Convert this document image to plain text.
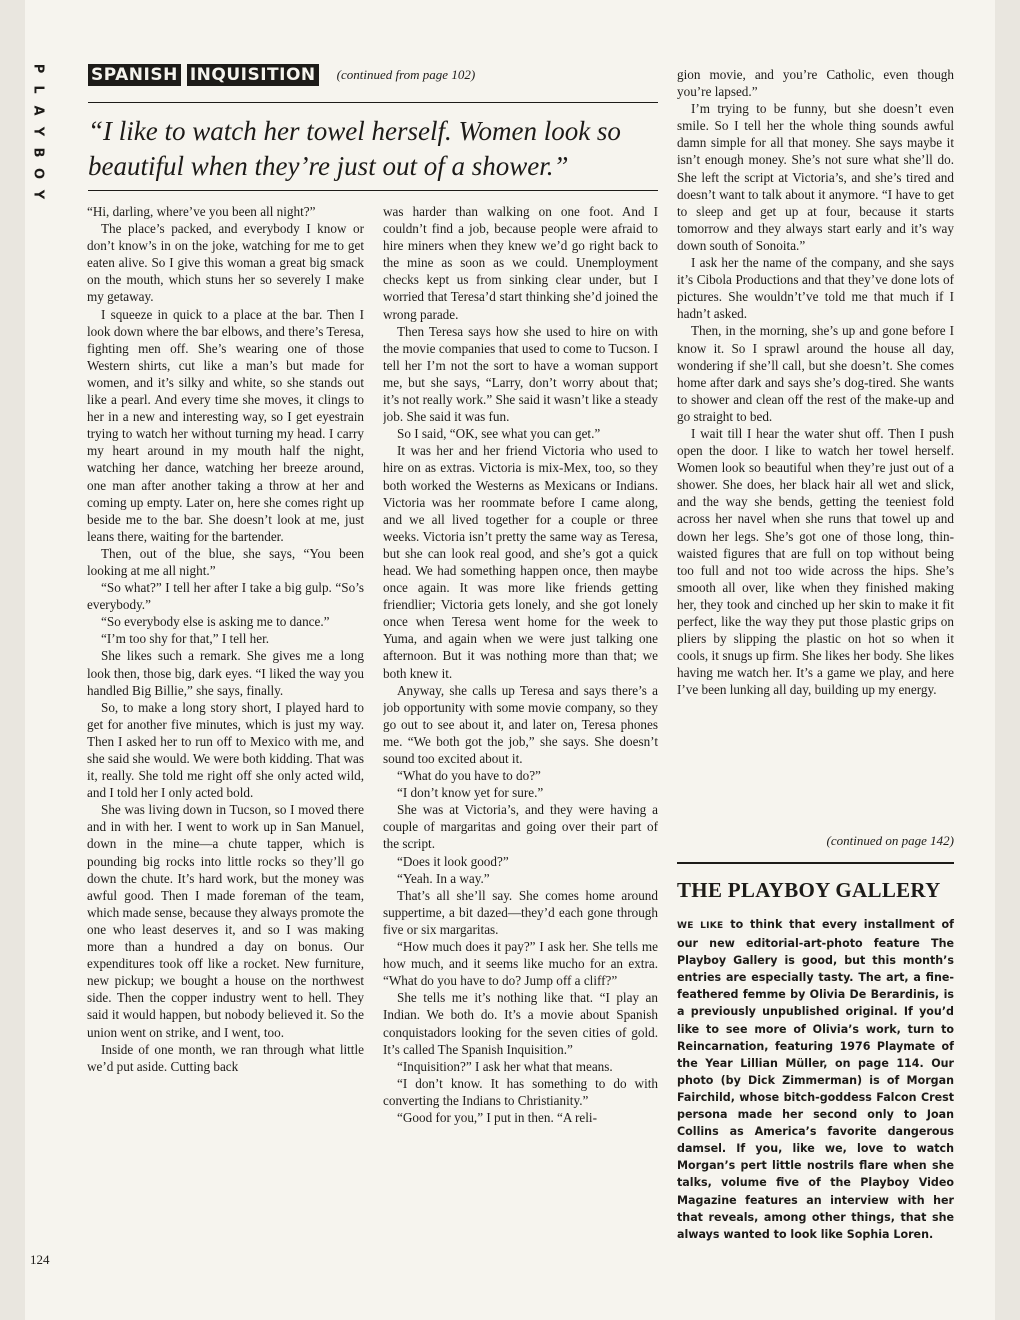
P
L
A
Y
B
O
Y
124
SPANISH INQUISITION (continued from page 102)
“I like to watch her towel herself. Women look so beautiful when they’re just out of a shower.”

“Hi, darling, where’ve you been all night?”

The place’s packed, and everybody I know or don’t know’s in on the joke, watching for me to get eaten alive. So I give this woman a great big smack on the mouth, which stuns her so severely I make my getaway.

I squeeze in quick to a place at the bar. Then I look down where the bar elbows, and there’s Teresa, fighting men off. She’s wearing one of those Western shirts, cut like a man’s but made for women, and it’s silky and white, so she stands out like a pearl. And every time she moves, it clings to her in a new and interesting way, so I get eyestrain trying to watch her without turning my head. I carry my heart around in my mouth half the night, watching her dance, watching her breeze around, one man after another taking a throw at her and coming up empty. Later on, here she comes right up beside me to the bar. She doesn’t look at me, just leans there, waiting for the bartender.

Then, out of the blue, she says, “You been looking at me all night.”

“So what?” I tell her after I take a big gulp. “So’s everybody.”

“So everybody else is asking me to dance.”

“I’m too shy for that,” I tell her.

She likes such a remark. She gives me a long look then, those big, dark eyes. “I liked the way you handled Big Billie,” she says, finally.

So, to make a long story short, I played hard to get for another five minutes, which is just my way. Then I asked her to run off to Mexico with me, and she said she would. We were both kidding. That was it, really. She told me right off she only acted wild, and I told her I only acted bold.

She was living down in Tucson, so I moved there and in with her. I went to work up in San Manuel, down in the mine—a chute tapper, which is pounding big rocks into little rocks so they’ll go down the chute. It’s hard work, but the money was awful good. Then I made foreman of the team, which made sense, because they always promote the one who least deserves it, and so I was making more than a hundred a day on bonus. Our expenditures took off like a rocket. New furniture, new pickup; we bought a house on the northwest side. Then the copper industry went to hell. They said it would happen, but nobody believed it. So the union went on strike, and I went, too.

Inside of one month, we ran through what little we’d put aside. Cutting back

was harder than walking on one foot. And I couldn’t find a job, because people were afraid to hire miners when they knew we’d go right back to the mine as soon as we could. Unemployment checks kept us from sinking clear under, but I worried that Teresa’d start thinking she’d joined the wrong parade.

Then Teresa says how she used to hire on with the movie companies that used to come to Tucson. I tell her I’m not the sort to have a woman support me, but she says, “Larry, don’t worry about that; it’s not really work.” She said it wasn’t like a steady job. She said it was fun.

So I said, “OK, see what you can get.”

It was her and her friend Victoria who used to hire on as extras. Victoria is mix-Mex, too, so they both worked the Westerns as Mexicans or Indians. Victoria was her roommate before I came along, and we all lived together for a couple or three weeks. Victoria isn’t pretty the same way as Teresa, but she can look real good, and she’s got a quick head. We had something happen once, then maybe once again. It was more like friends getting friendlier; Victoria gets lonely, and she got lonely once when Teresa went home for the week to Yuma, and again when we were just talking one afternoon. But it was nothing more than that; we both knew it.

Anyway, she calls up Teresa and says there’s a job opportunity with some movie company, so they go out to see about it, and later on, Teresa phones me. “We both got the job,” she says. She doesn’t sound too excited about it.

“What do you have to do?”

“I don’t know yet for sure.”

She was at Victoria’s, and they were having a couple of margaritas and going over their part of the script.

“Does it look good?”

“Yeah. In a way.”

That’s all she’ll say. She comes home around suppertime, a bit dazed—they’d each gone through five or six margaritas.

“How much does it pay?” I ask her. She tells me how much, and it seems like mucho for an extra. “What do you have to do? Jump off a cliff?”

She tells me it’s nothing like that. “I play an Indian. We both do. It’s a movie about Spanish conquistadors looking for the seven cities of gold. It’s called The Spanish Inquisition.”

“Inquisition?” I ask her what that means.

“I don’t know. It has something to do with converting the Indians to Christianity.”

“Good for you,” I put in then. “A reli-

gion movie, and you’re Catholic, even though you’re lapsed.”

I’m trying to be funny, but she doesn’t even smile. So I tell her the whole thing sounds awful damn simple for all that money. She says maybe it isn’t enough money. She’s not sure what she’ll do. She left the script at Victoria’s, and she’s tired and doesn’t want to talk about it anymore. “I have to get to sleep and get up at four, because it starts tomorrow and they always start early and it’s way down south of Sonoita.”

I ask her the name of the company, and she says it’s Cibola Productions and that they’ve done lots of pictures. She wouldn’t’ve told me that much if I hadn’t asked.

Then, in the morning, she’s up and gone before I know it. So I sprawl around the house all day, wondering if she’ll call, but she doesn’t. She comes home after dark and says she’s dog-tired. She wants to shower and clean off the rest of the make-up and go straight to bed.

I wait till I hear the water shut off. Then I push open the door. I like to watch her towel herself. Women look so beautiful when they’re just out of a shower. She does, her black hair all wet and slick, and the way she bends, getting the teeniest fold across her navel when she runs that towel up and down her legs. She’s got one of those long, thin-waisted figures that are full on top without being too full and not too wide across the hips. She’s smooth all over, like when they finished making her, they took and cinched up her skin to make it fit perfect, like the way they put those plastic grips on pliers by slipping the plastic on hot so when it cools, it snugs up firm. She likes her body. She likes having me watch her. It’s a game we play, and here I’ve been lunking all day, building up my energy.

(continued on page 142)
THE PLAYBOY GALLERY
WE LIKE to think that every installment of our new editorial-art-photo feature The Playboy Gallery is good, but this month’s entries are especially tasty. The art, a fine-feathered femme by Olivia De Berardinis, is a previously unpublished original. If you’d like to see more of Olivia’s work, turn to Reincarnation, featuring 1976 Playmate of the Year Lillian Müller, on page 114. Our photo (by Dick Zimmerman) is of Morgan Fairchild, whose bitch-goddess Falcon Crest persona made her second only to Joan Collins as America’s favorite dangerous damsel. If you, like we, love to watch Morgan’s pert little nostrils flare when she talks, volume five of the Playboy Video Magazine features an interview with her that reveals, among other things, that she always wanted to look like Sophia Loren.
